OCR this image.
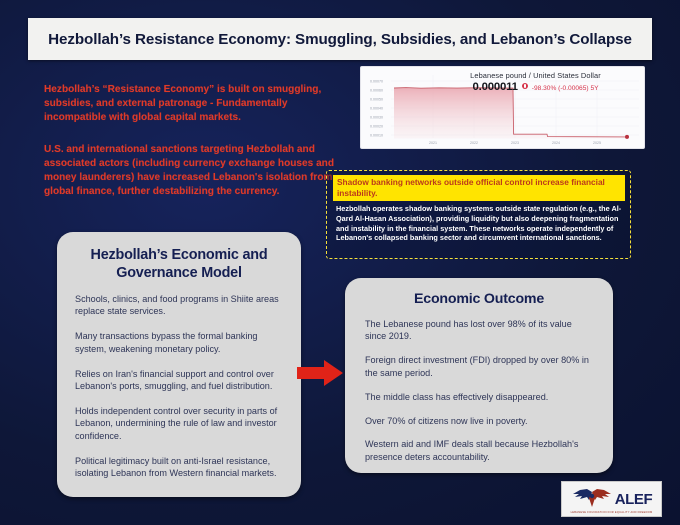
Hezbollah’s Resistance Economy: Smuggling, Subsidies, and Lebanon’s Collapse

Hezbollah’s “Resistance Economy” is built on smuggling, subsidies, and external patronage - Fundamentally incompatible with global capital markets.

U.S. and international sanctions targeting Hezbollah and associated actors (including currency exchange houses and money launderers) have increased Lebanon's isolation from global finance, further destabilizing the currency.

0.00070
0.00060
0.00050
0.00040
0.00030
0.00020
0.00010
2021	2022	2023	2024	2025
Lebanese pound / United States Dollar
0.000011 -98.30% (-0.00065) 5Y
Shadow banking networks outside official control increase financial instability.
Hezbollah operates shadow banking systems outside state regulation (e.g., the Al-Qard Al-Hasan Association), providing liquidity but also deepening fragmentation and instability in the financial system. These networks operate independently of Lebanon's collapsed banking sector and circumvent international sanctions.
Hezbollah’s Economic and Governance Model
Schools, clinics, and food programs in Shiite areas replace state services.
Many transactions bypass the formal banking system, weakening monetary policy.
Relies on Iran's financial support and control over Lebanon's ports, smuggling, and fuel distribution.
Holds independent control over security in parts of Lebanon, undermining the rule of law and investor confidence.
Political legitimacy built on anti-Israel resistance, isolating Lebanon from Western financial markets.
Economic Outcome
The Lebanese pound has lost over 98% of its value since 2019.
Foreign direct investment (FDI) dropped by over 80% in the same period.
The middle class has effectively disappeared.
Over 70% of citizens now live in poverty.
Western aid and IMF deals stall because Hezbollah's presence deters accountability.
ALEF
LEBANESE FOUNDATION FOR EQUALITY AND FREEDOM
